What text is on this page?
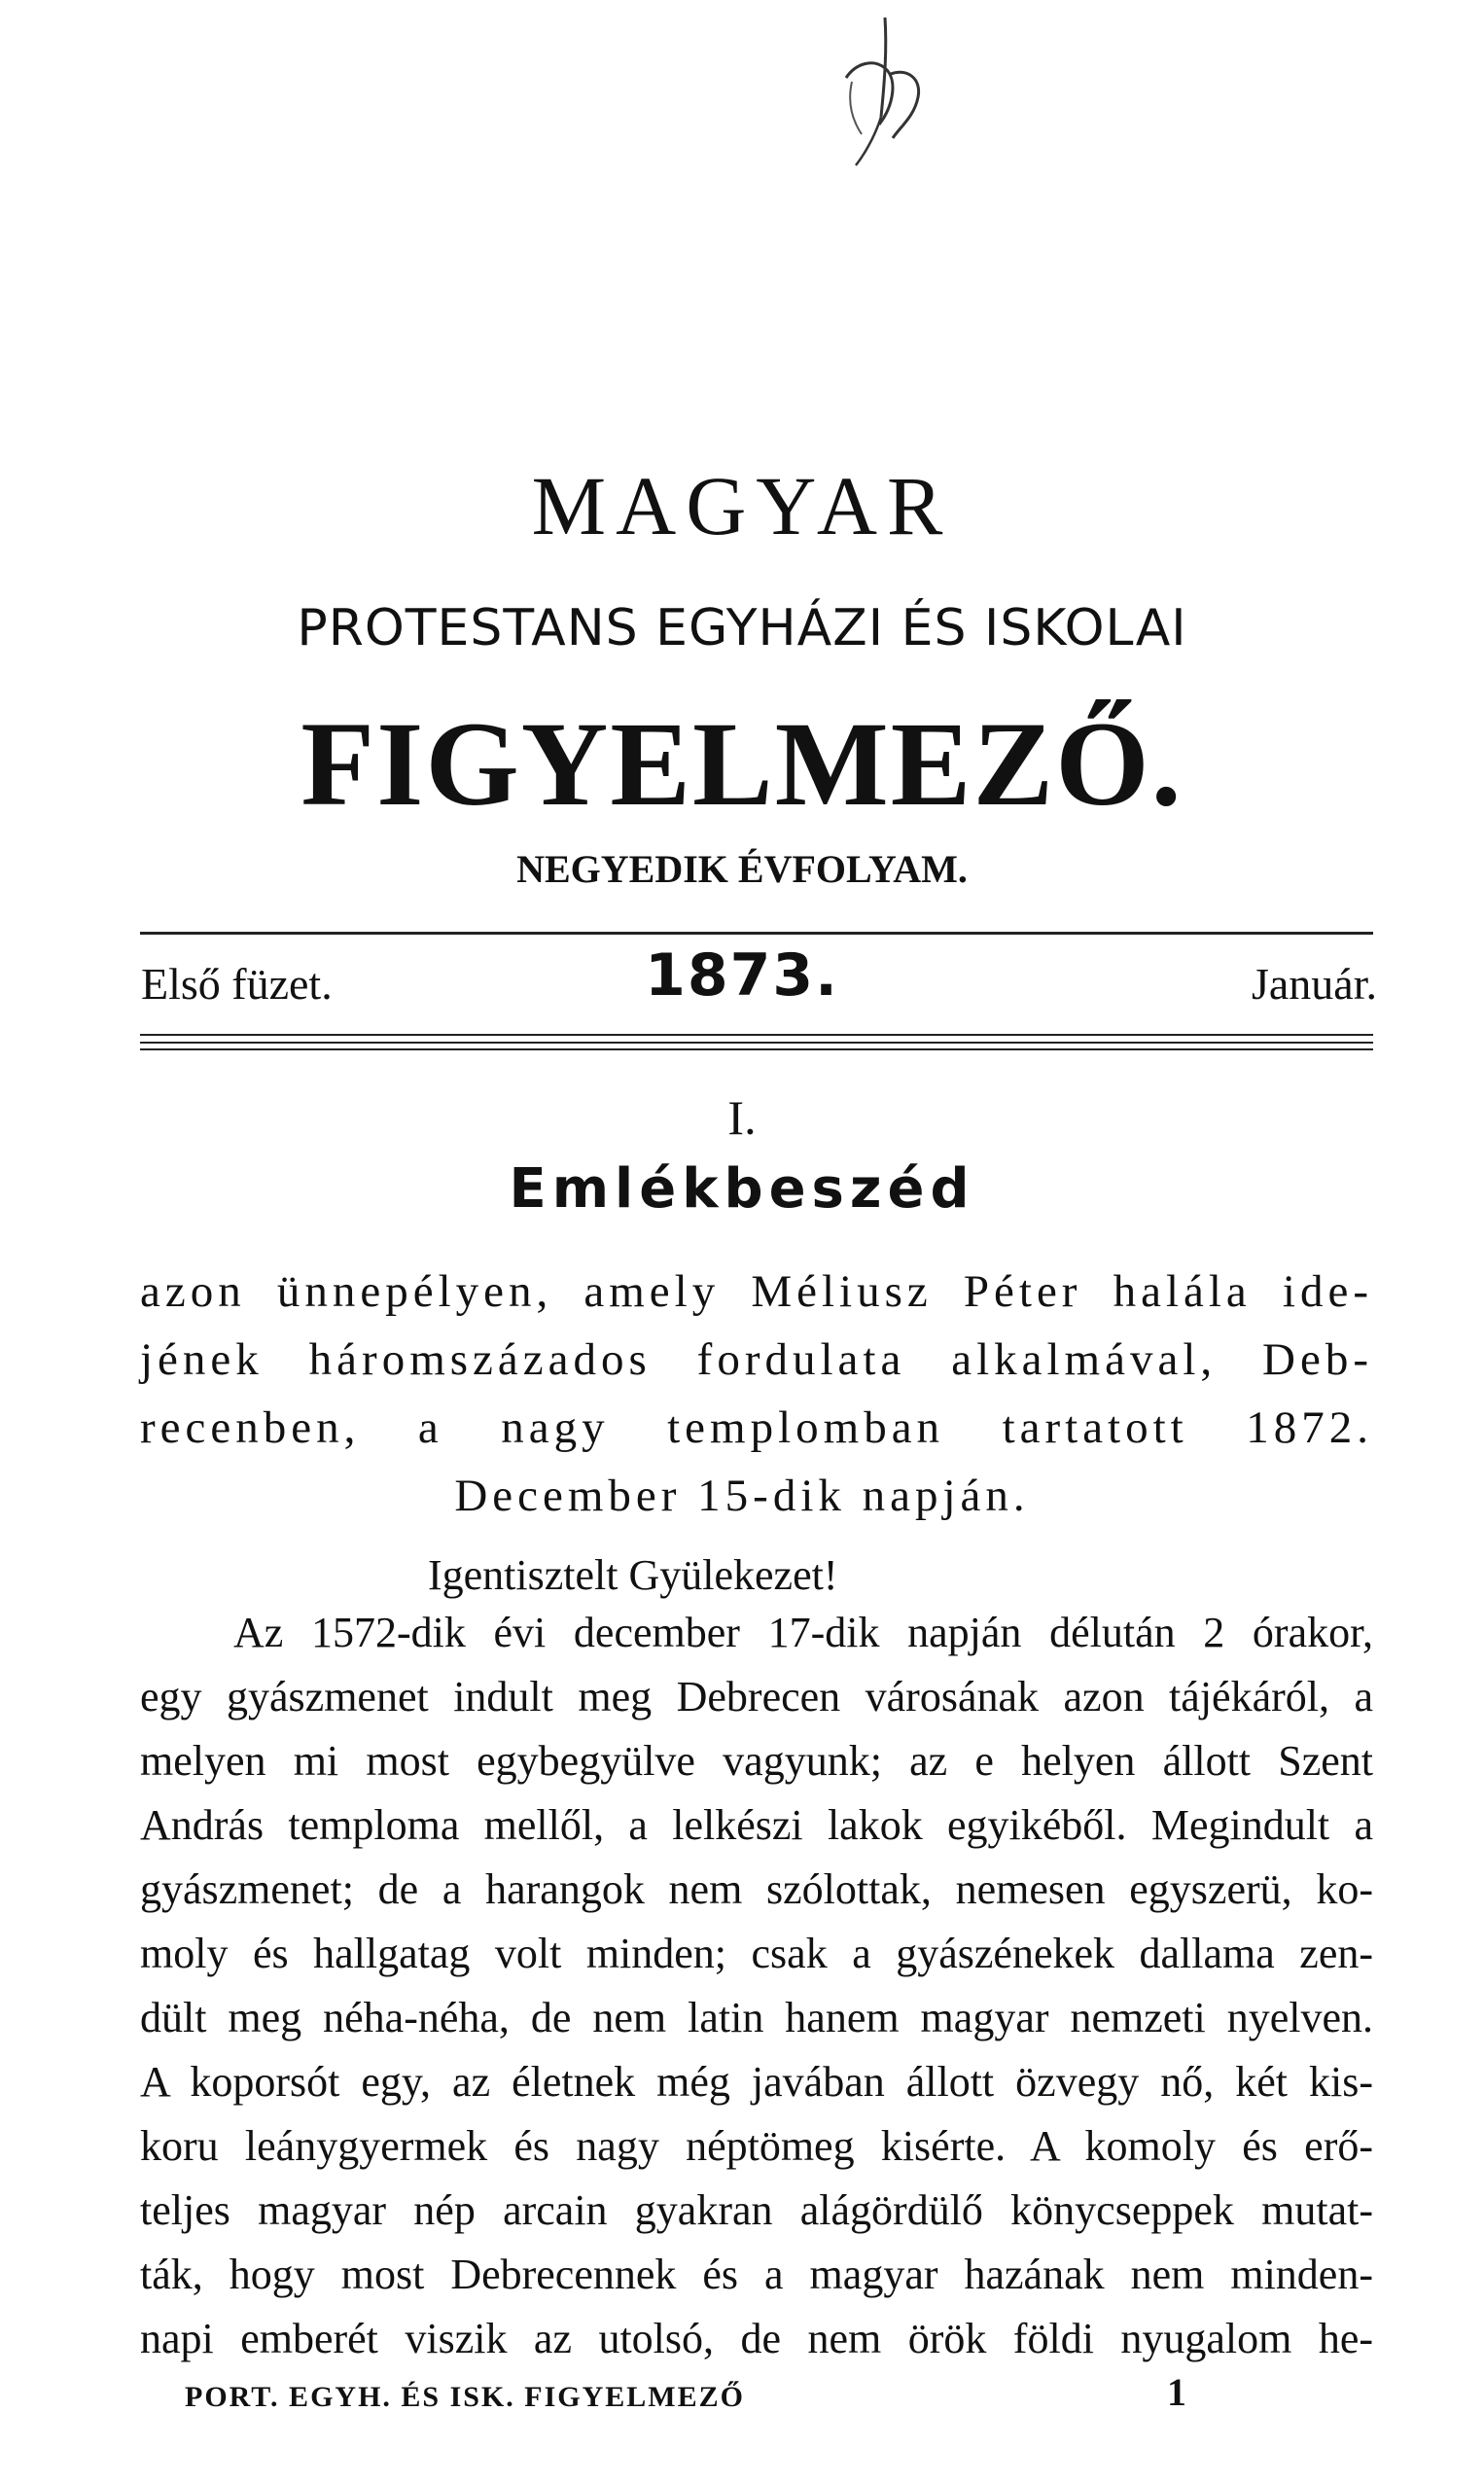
MAGYAR
PROTESTANS EGYHÁZI ÉS ISKOLAI
FIGYELMEZŐ.
NEGYEDIK ÉVFOLYAM.
Első füzet.	1873.	Január.
I.
Emlékbeszéd
azon ünnepélyen, amely Méliusz Péter halála ide-
jének háromszázados fordulata alkalmával, Deb-
recenben, a nagy templomban tartatott 1872.
December 15-dik napján.
Igentisztelt Gyülekezet!
Az 1572-dik évi december 17-dik napján délután 2 órakor,
egy gyászmenet indult meg Debrecen városának azon tájékáról, a
melyen mi most egybegyülve vagyunk; az e helyen állott Szent
András temploma mellől, a lelkészi lakok egyikéből. Megindult a
gyászmenet; de a harangok nem szólottak, nemesen egyszerü, ko-
moly és hallgatag volt minden; csak a gyászénekek dallama zen-
dült meg néha-néha, de nem latin hanem magyar nemzeti nyelven.
A koporsót egy, az életnek még javában állott özvegy nő, két kis-
koru leánygyermek és nagy néptömeg kisérte. A komoly és erő-
teljes magyar nép arcain gyakran alágördülő könycseppek mutat-
ták, hogy most Debrecennek és a magyar hazának nem minden-
napi emberét viszik az utolsó, de nem örök földi nyugalom he-
PORT. EGYH. ÉS ISK. FIGYELMEZŐ	1
